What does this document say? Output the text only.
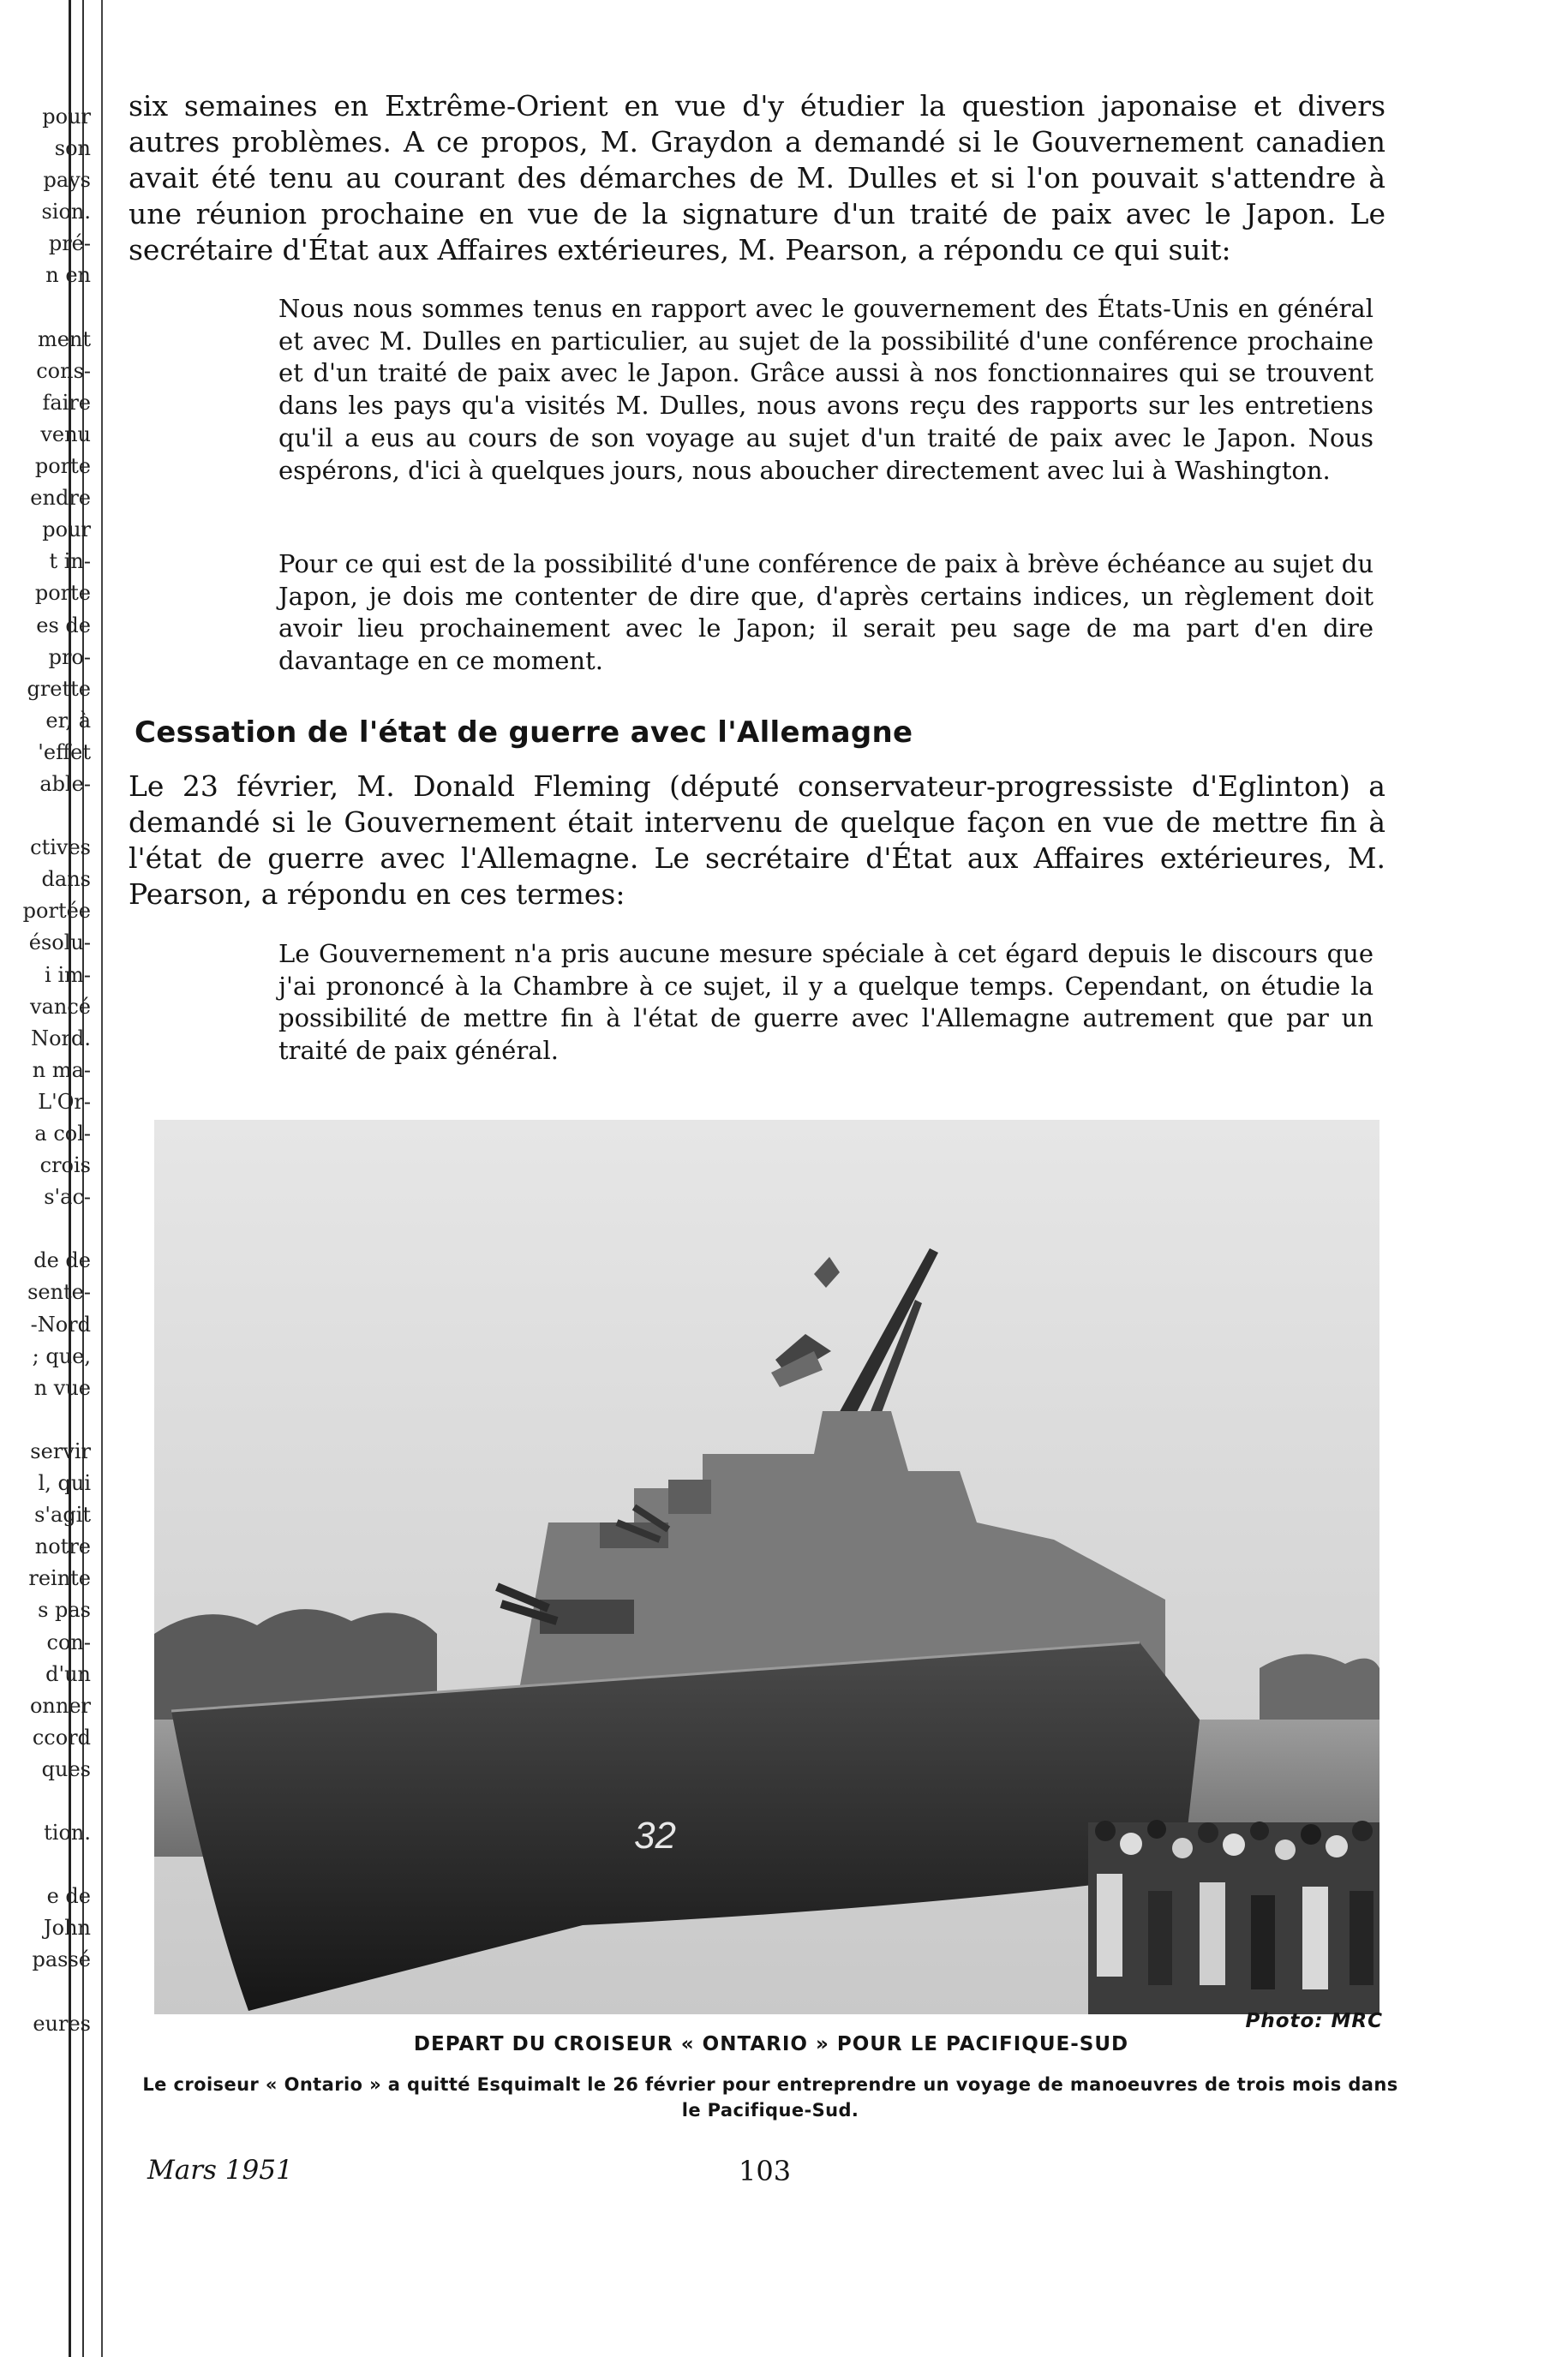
pour
son
pays
sion.
pré-
n en
ment
cons-
faire
venu
porte
endre
pour
t in-
porte
es de
pro-
grette
er, à
'effet
able-
ctives
dans
portée
ésolu-
i im-
vancé
Nord.
n ma-
L'Or-
a col-
crois
s'ac-
de de
sente-
-Nord
; que,
n vue
servir
l, qui
s'agit
notre
reinte
s pas
con-
d'un
onner
ccord
ques
tion.
e de
John
passé
eures

six semaines en Extrême-Orient en vue d'y étudier la question japonaise et divers autres problèmes. A ce propos, M. Graydon a demandé si le Gouvernement canadien avait été tenu au courant des démarches de M. Dulles et si l'on pouvait s'attendre à une réunion prochaine en vue de la signature d'un traité de paix avec le Japon. Le secrétaire d'État aux Affaires extérieures, M. Pearson, a répondu ce qui suit:

Nous nous sommes tenus en rapport avec le gouvernement des États-Unis en général et avec M. Dulles en particulier, au sujet de la possibilité d'une conférence prochaine et d'un traité de paix avec le Japon. Grâce aussi à nos fonctionnaires qui se trouvent dans les pays qu'a visités M. Dulles, nous avons reçu des rapports sur les entretiens qu'il a eus au cours de son voyage au sujet d'un traité de paix avec le Japon. Nous espérons, d'ici à quelques jours, nous aboucher directement avec lui à Washington.

Pour ce qui est de la possibilité d'une conférence de paix à brève échéance au sujet du Japon, je dois me contenter de dire que, d'après certains indices, un règlement doit avoir lieu prochainement avec le Japon; il serait peu sage de ma part d'en dire davantage en ce moment.

Cessation de l'état de guerre avec l'Allemagne

Le 23 février, M. Donald Fleming (député conservateur-progressiste d'Eglinton) a demandé si le Gouvernement était intervenu de quelque façon en vue de mettre fin à l'état de guerre avec l'Allemagne. Le secrétaire d'État aux Affaires extérieures, M. Pearson, a répondu en ces termes:

Le Gouvernement n'a pris aucune mesure spéciale à cet égard depuis le discours que j'ai prononcé à la Chambre à ce sujet, il y a quelque temps. Cependant, on étudie la possibilité de mettre fin à l'état de guerre avec l'Allemagne autrement que par un traité de paix général.

32

Photo: MRC

DEPART DU CROISEUR « ONTARIO » POUR LE PACIFIQUE-SUD

Le croiseur « Ontario » a quitté Esquimalt le 26 février pour entreprendre un voyage de manoeuvres de trois mois dans le Pacifique-Sud.

Mars 1951	103
